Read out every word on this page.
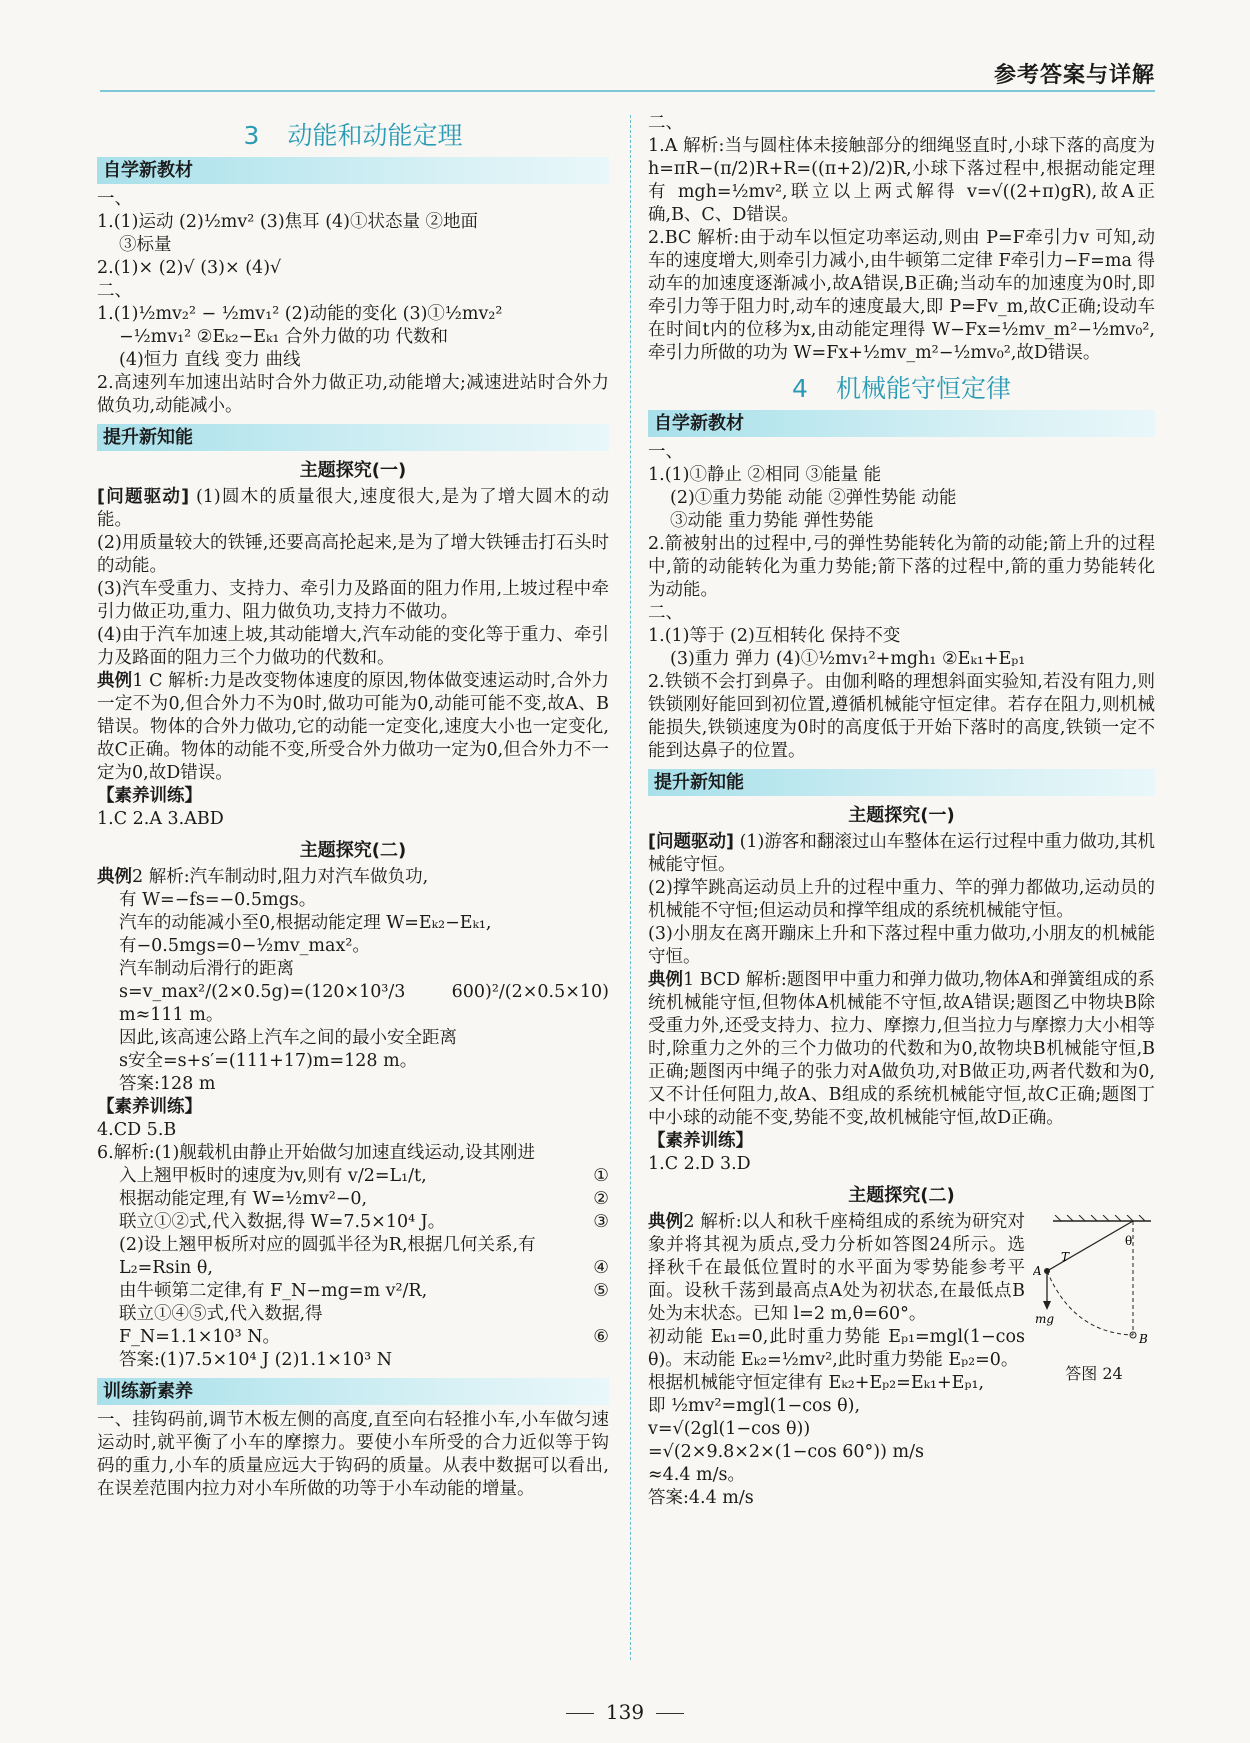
参考答案与详解
3 动能和动能定理
自学新教材

一、

1.(1)运动 (2)½mv² (3)焦耳 (4)①状态量 ②地面

③标量

2.(1)× (2)√ (3)× (4)√

二、

1.(1)½mv₂² − ½mv₁² (2)动能的变化 (3)①½mv₂²

−½mv₁² ②Eₖ₂−Eₖ₁ 合外力做的功 代数和

(4)恒力 直线 变力 曲线

2.高速列车加速出站时合外力做正功,动能增大;减速进站时合外力做负功,动能减小。

提升新知能
主题探究(一)

[问题驱动] (1)圆木的质量很大,速度很大,是为了增大圆木的动能。

(2)用质量较大的铁锤,还要高高抡起来,是为了增大铁锤击打石头时的动能。

(3)汽车受重力、支持力、牵引力及路面的阻力作用,上坡过程中牵引力做正功,重力、阻力做负功,支持力不做功。

(4)由于汽车加速上坡,其动能增大,汽车动能的变化等于重力、牵引力及路面的阻力三个力做功的代数和。

典例1 C 解析:力是改变物体速度的原因,物体做变速运动时,合外力一定不为0,但合外力不为0时,做功可能为0,动能可能不变,故A、B错误。物体的合外力做功,它的动能一定变化,速度大小也一定变化,故C正确。物体的动能不变,所受合外力做功一定为0,但合外力不一定为0,故D错误。

【素养训练】

1.C 2.A 3.ABD

主题探究(二)

典例2 解析:汽车制动时,阻力对汽车做负功,

有 W=−fs=−0.5mgs。

汽车的动能减小至0,根据动能定理 W=Eₖ₂−Eₖ₁,

有−0.5mgs=0−½mv_max²。

汽车制动后滑行的距离

s=v_max²/(2×0.5g)=(120×10³/3 600)²/(2×0.5×10) m≈111 m。

因此,该高速公路上汽车之间的最小安全距离

s安全=s+s′=(111+17)m=128 m。

答案:128 m

【素养训练】

4.CD 5.B

6.解析:(1)舰载机由静止开始做匀加速直线运动,设其刚进

入上翘甲板时的速度为v,则有 v/2=L₁/t,	①
根据动能定理,有 W=½mv²−0,	②
联立①②式,代入数据,得 W=7.5×10⁴ J。	③

(2)设上翘甲板所对应的圆弧半径为R,根据几何关系,有

L₂=Rsin θ,	④
由牛顿第二定律,有 F_N−mg=m v²/R,	⑤

联立①④⑤式,代入数据,得

F_N=1.1×10³ N。	⑥

答案:(1)7.5×10⁴ J (2)1.1×10³ N

训练新素养

一、挂钩码前,调节木板左侧的高度,直至向右轻推小车,小车做匀速运动时,就平衡了小车的摩擦力。要使小车所受的合力近似等于钩码的重力,小车的质量应远大于钩码的质量。从表中数据可以看出,在误差范围内拉力对小车所做的功等于小车动能的增量。

二、

1.A 解析:当与圆柱体未接触部分的细绳竖直时,小球下落的高度为 h=πR−(π/2)R+R=((π+2)/2)R,小球下落过程中,根据动能定理有 mgh=½mv²,联立以上两式解得 v=√((2+π)gR),故A正确,B、C、D错误。

2.BC 解析:由于动车以恒定功率运动,则由 P=F牵引力v 可知,动车的速度增大,则牵引力减小,由牛顿第二定律 F牵引力−F=ma 得动车的加速度逐渐减小,故A错误,B正确;当动车的加速度为0时,即牵引力等于阻力时,动车的速度最大,即 P=Fv_m,故C正确;设动车在时间t内的位移为x,由动能定理得 W−Fx=½mv_m²−½mv₀²,牵引力所做的功为 W=Fx+½mv_m²−½mv₀²,故D错误。

4 机械能守恒定律
自学新教材

一、

1.(1)①静止 ②相同 ③能量 能

(2)①重力势能 动能 ②弹性势能 动能

③动能 重力势能 弹性势能

2.箭被射出的过程中,弓的弹性势能转化为箭的动能;箭上升的过程中,箭的动能转化为重力势能;箭下落的过程中,箭的重力势能转化为动能。

二、

1.(1)等于 (2)互相转化 保持不变

(3)重力 弹力 (4)①½mv₁²+mgh₁ ②Eₖ₁+Eₚ₁

2.铁锁不会打到鼻子。由伽利略的理想斜面实验知,若没有阻力,则铁锁刚好能回到初位置,遵循机械能守恒定律。若存在阻力,则机械能损失,铁锁速度为0时的高度低于开始下落时的高度,铁锁一定不能到达鼻子的位置。

提升新知能
主题探究(一)

[问题驱动] (1)游客和翻滚过山车整体在运行过程中重力做功,其机械能守恒。

(2)撑竿跳高运动员上升的过程中重力、竿的弹力都做功,运动员的机械能不守恒;但运动员和撑竿组成的系统机械能守恒。

(3)小朋友在离开蹦床上升和下落过程中重力做功,小朋友的机械能守恒。

典例1 BCD 解析:题图甲中重力和弹力做功,物体A和弹簧组成的系统机械能守恒,但物体A机械能不守恒,故A错误;题图乙中物块B除受重力外,还受支持力、拉力、摩擦力,但当拉力与摩擦力大小相等时,除重力之外的三个力做功的代数和为0,故物块B机械能守恒,B正确;题图丙中绳子的张力对A做负功,对B做正功,两者代数和为0,又不计任何阻力,故A、B组成的系统机械能守恒,故C正确;题图丁中小球的动能不变,势能不变,故机械能守恒,故D正确。

【素养训练】

1.C 2.D 3.D

主题探究(二)
θ
T
A
B
mg
答图 24

典例2 解析:以人和秋千座椅组成的系统为研究对象并将其视为质点,受力分析如答图24所示。选择秋千在最低位置时的水平面为零势能参考平面。设秋千荡到最高点A处为初状态,在最低点B处为末状态。已知 l=2 m,θ=60°。

初动能 Eₖ₁=0,此时重力势能 Eₚ₁=mgl(1−cos θ)。末动能 Eₖ₂=½mv²,此时重力势能 Eₚ₂=0。

根据机械能守恒定律有 Eₖ₂+Eₚ₂=Eₖ₁+Eₚ₁,

即 ½mv²=mgl(1−cos θ),

v=√(2gl(1−cos θ))

=√(2×9.8×2×(1−cos 60°)) m/s

≈4.4 m/s。

答案:4.4 m/s

139
